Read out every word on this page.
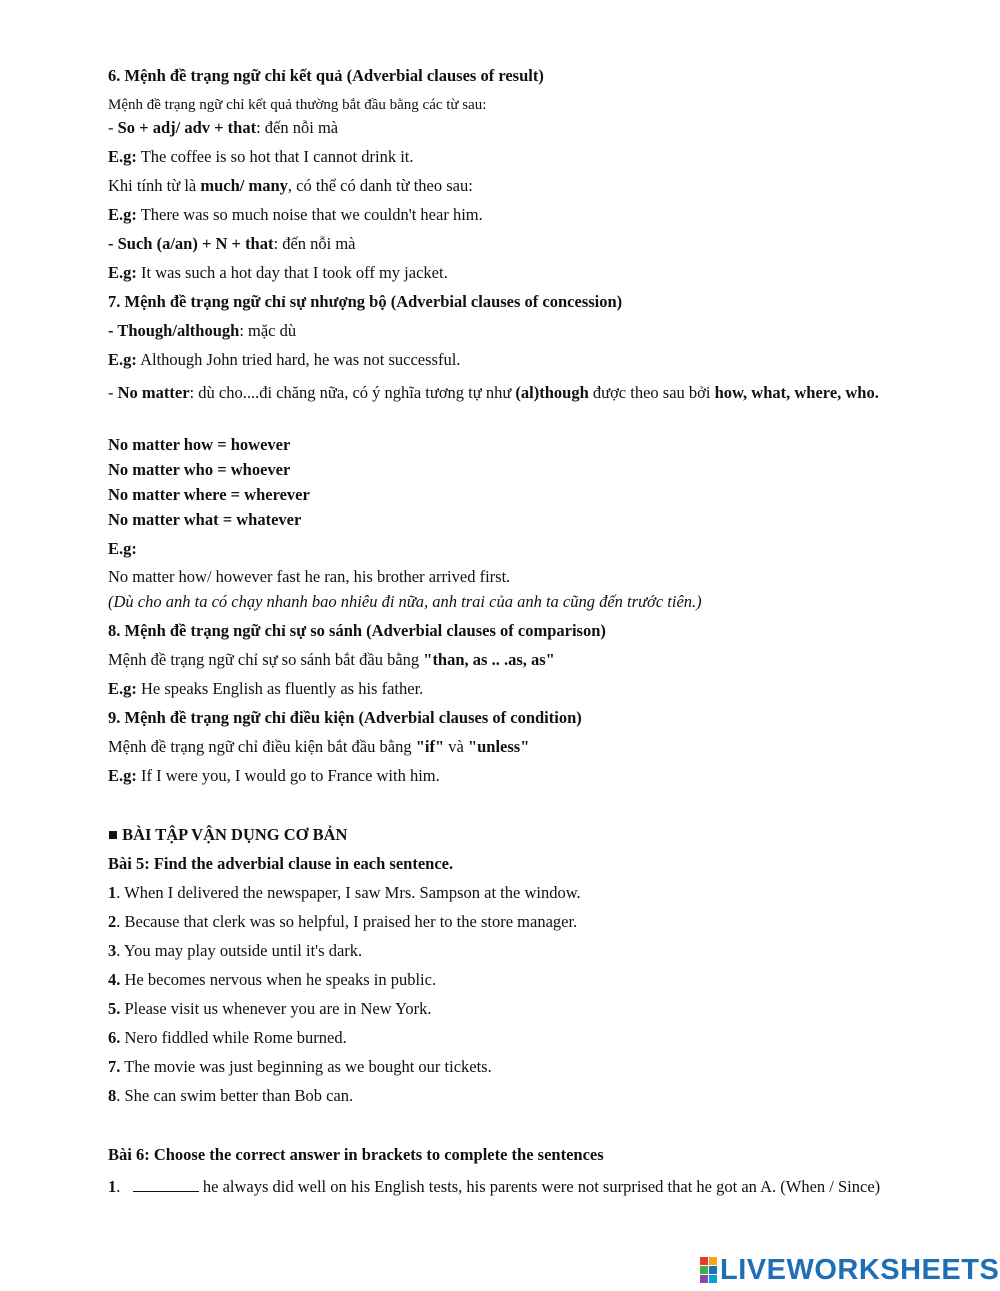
6. Mệnh đề trạng ngữ chỉ kết quả (Adverbial clauses of result)
Mệnh đề trạng ngữ chỉ kết quả thường bắt đầu bằng các từ sau:
- So + adj/ adv + that: đến nỗi mà
E.g: The coffee is so hot that I cannot drink it.
Khi tính từ là much/ many, có thể có danh từ theo sau:
E.g: There was so much noise that we couldn't hear him.
- Such (a/an) + N + that: đến nỗi mà
E.g: It was such a hot day that I took off my jacket.
7. Mệnh đề trạng ngữ chỉ sự nhượng bộ (Adverbial clauses of concession)
- Though/although: mặc dù
E.g: Although John tried hard, he was not successful.
- No matter: dù cho....đi chăng nữa, có ý nghĩa tương tự như (al)though được theo sau bởi how, what, where, who.
No matter how = however
No matter who = whoever
No matter where = wherever
No matter what = whatever
E.g:
No matter how/ however fast he ran, his brother arrived first.
(Dù cho anh ta có chạy nhanh bao nhiêu đi nữa, anh trai của anh ta cũng đến trước tiên.)
8. Mệnh đề trạng ngữ chỉ sự so sánh (Adverbial clauses of comparison)
Mệnh đề trạng ngữ chỉ sự so sánh bắt đầu bằng "than, as .. .as, as"
E.g: He speaks English as fluently as his father.
9. Mệnh đề trạng ngữ chỉ điều kiện (Adverbial clauses of condition)
Mệnh đề trạng ngữ chỉ điều kiện bắt đầu bằng "if" và "unless"
E.g: If I were you, I would go to France with him.
■ BÀI TẬP VẬN DỤNG CƠ BẢN
Bài 5: Find the adverbial clause in each sentence.
1. When I delivered the newspaper, I saw Mrs. Sampson at the window.
2. Because that clerk was so helpful, I praised her to the store manager.
3. You may play outside until it's dark.
4. He becomes nervous when he speaks in public.
5. Please visit us whenever you are in New York.
6. Nero fiddled while Rome burned.
7. The movie was just beginning as we bought our tickets.
8. She can swim better than Bob can.
Bài 6: Choose the correct answer in brackets to complete the sentences
1.	he always did well on his English tests, his parents were not surprised that he got an A. (When / Since)
LIVEWORKSHEETS
